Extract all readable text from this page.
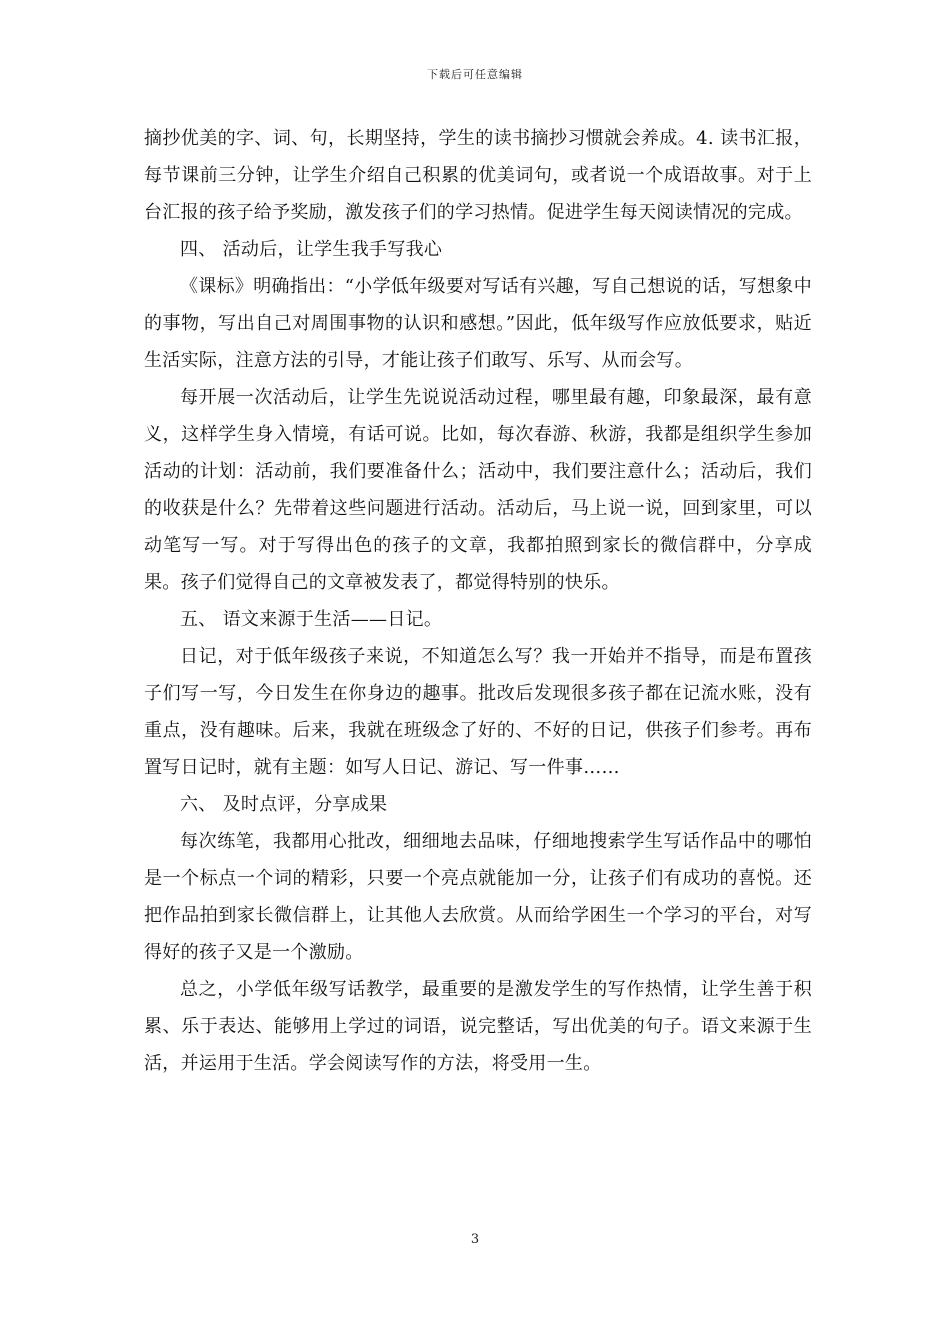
下载后可任意编辑

摘抄优美的字、词、句，长期坚持，学生的读书摘抄习惯就会养成。4. 读书汇报，每节课前三分钟，让学生介绍自己积累的优美词句，或者说一个成语故事。对于上台汇报的孩子给予奖励，激发孩子们的学习热情。促进学生每天阅读情况的完成。

四、 活动后，让学生我手写我心

《课标》明确指出：“小学低年级要对写话有兴趣，写自己想说的话，写想象中的事物，写出自己对周围事物的认识和感想。”因此，低年级写作应放低要求，贴近生活实际，注意方法的引导，才能让孩子们敢写、乐写、从而会写。

每开展一次活动后，让学生先说说活动过程，哪里最有趣，印象最深，最有意义，这样学生身入情境，有话可说。比如，每次春游、秋游，我都是组织学生参加活动的计划：活动前，我们要准备什么；活动中，我们要注意什么；活动后，我们的收获是什么？先带着这些问题进行活动。活动后，马上说一说，回到家里，可以动笔写一写。对于写得出色的孩子的文章，我都拍照到家长的微信群中，分享成果。孩子们觉得自己的文章被发表了，都觉得特别的快乐。

五、 语文来源于生活——日记。

日记，对于低年级孩子来说，不知道怎么写？我一开始并不指导，而是布置孩子们写一写，今日发生在你身边的趣事。批改后发现很多孩子都在记流水账，没有重点，没有趣味。后来，我就在班级念了好的、不好的日记，供孩子们参考。再布置写日记时，就有主题：如写人日记、游记、写一件事……

六、 及时点评，分享成果

每次练笔，我都用心批改，细细地去品味，仔细地搜索学生写话作品中的哪怕是一个标点一个词的精彩，只要一个亮点就能加一分，让孩子们有成功的喜悦。还把作品拍到家长微信群上，让其他人去欣赏。从而给学困生一个学习的平台，对写得好的孩子又是一个激励。

总之，小学低年级写话教学，最重要的是激发学生的写作热情，让学生善于积累、乐于表达、能够用上学过的词语，说完整话，写出优美的句子。语文来源于生活，并运用于生活。学会阅读写作的方法，将受用一生。

3
